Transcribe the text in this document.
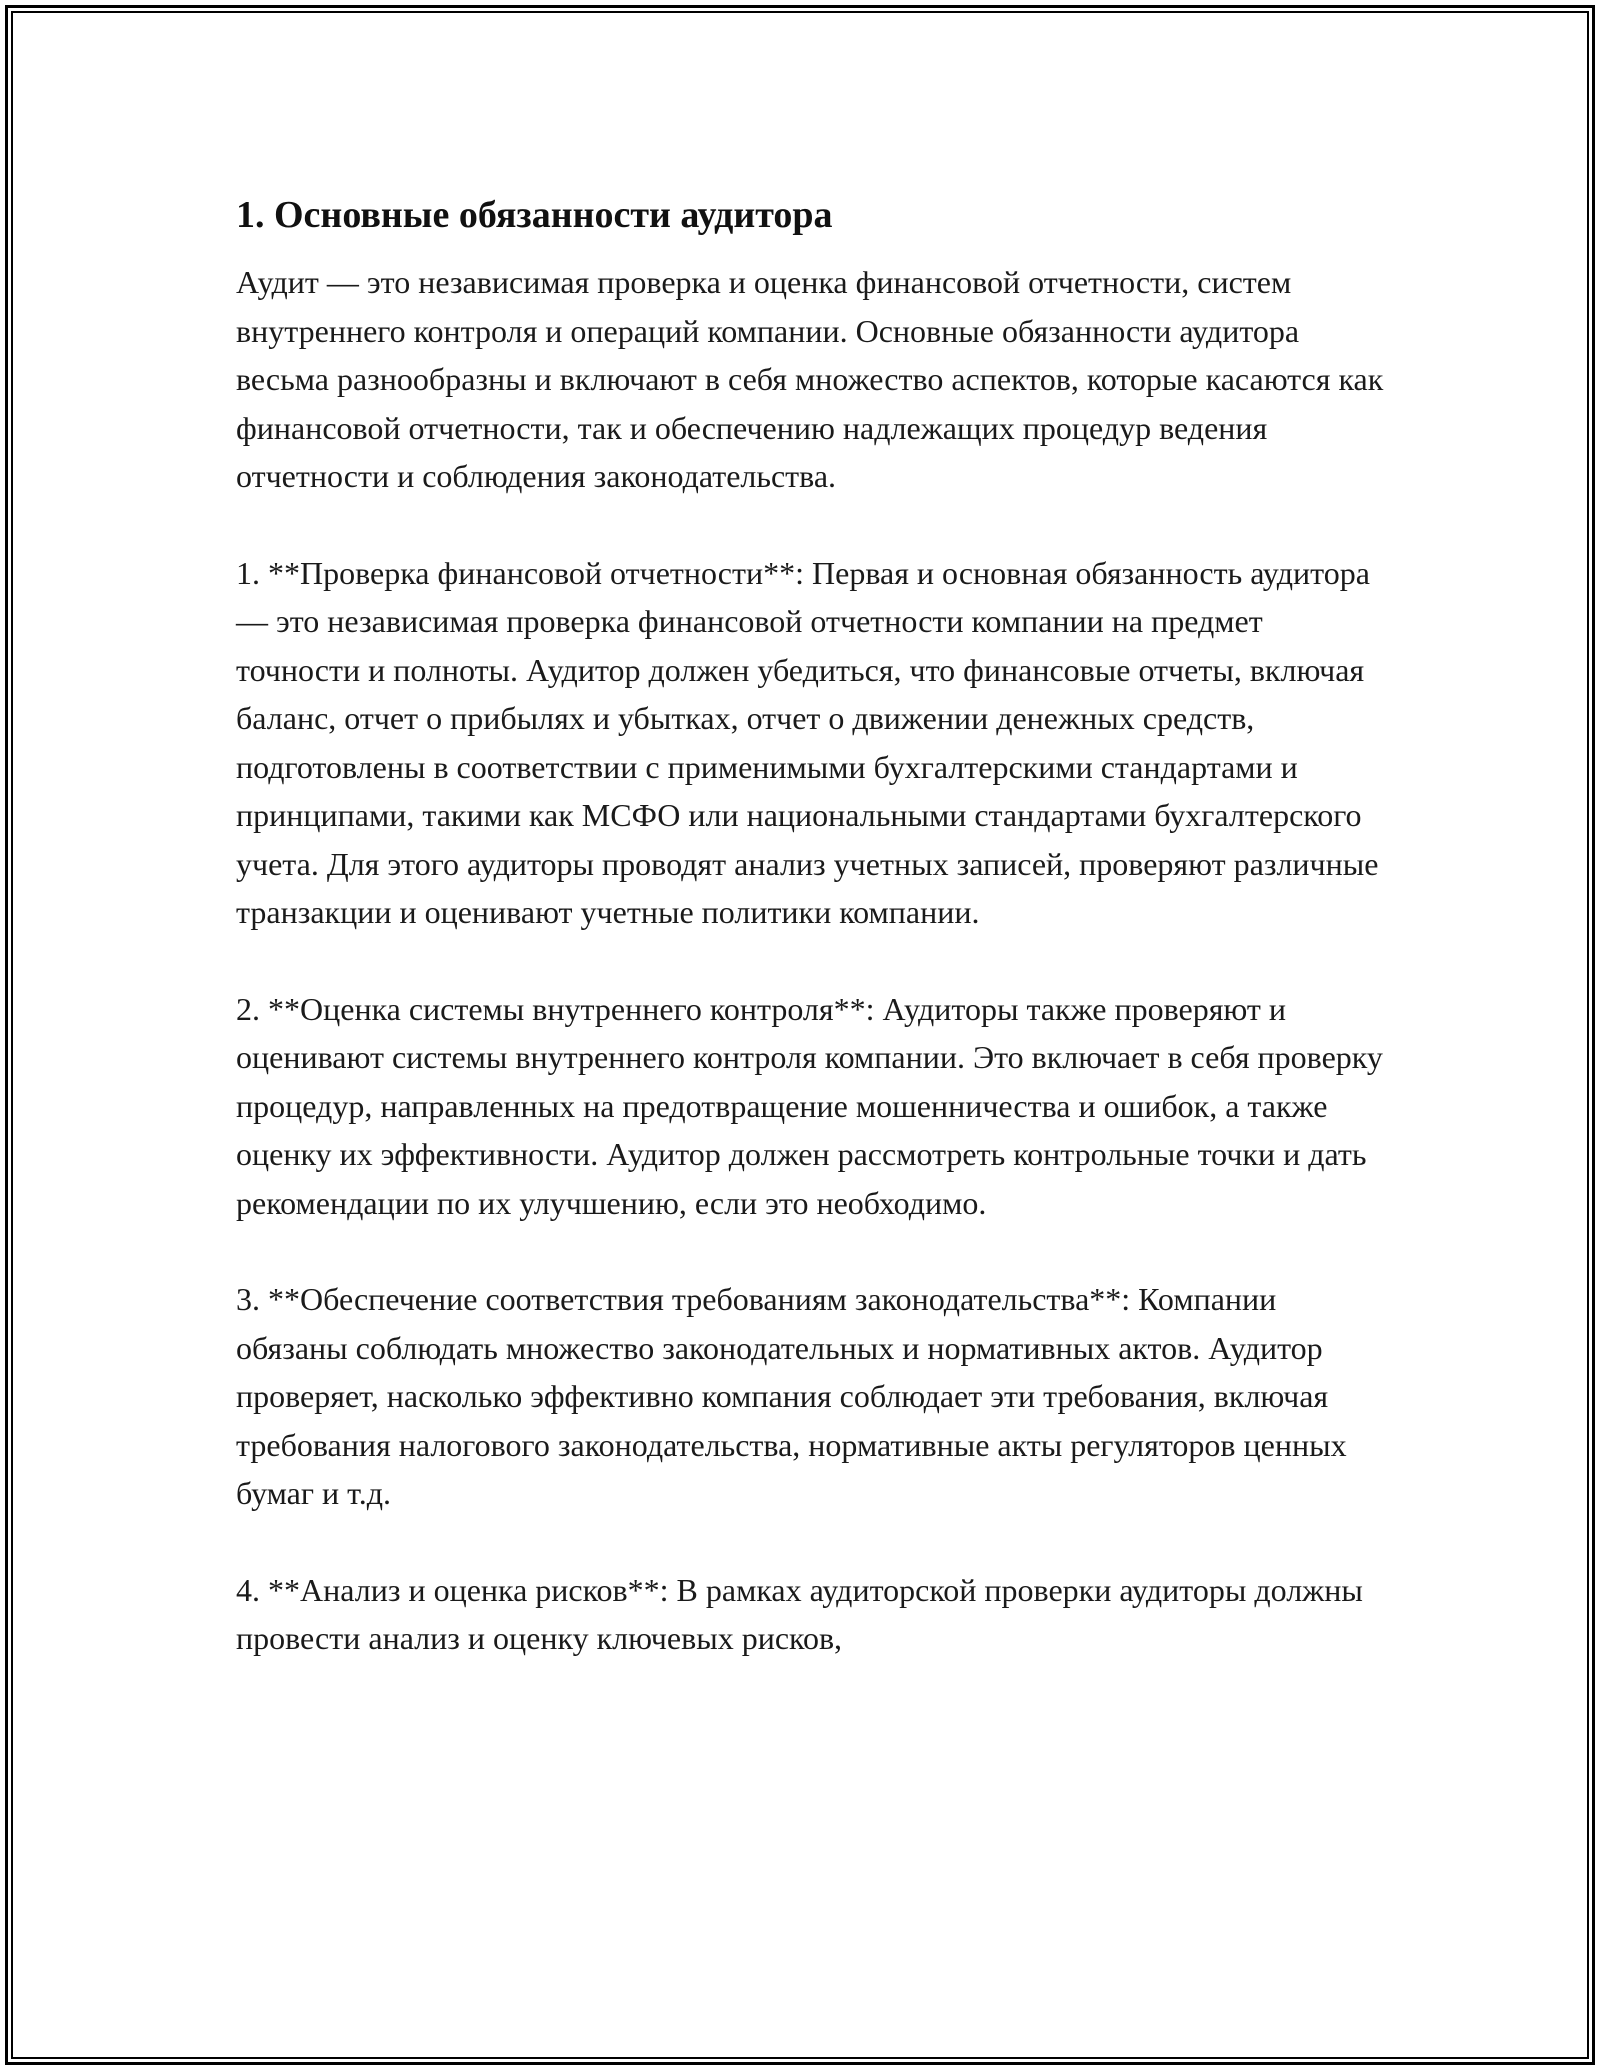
1. Основные обязанности аудитора

Аудит — это независимая проверка и оценка финансовой отчетности, систем внутреннего контроля и операций компании. Основные обязанности аудитора весьма разнообразны и включают в себя множество аспектов, которые касаются как финансовой отчетности, так и обеспечению надлежащих процедур ведения отчетности и соблюдения законодательства.

1. **Проверка финансовой отчетности**: Первая и основная обязанность аудитора — это независимая проверка финансовой отчетности компании на предмет точности и полноты. Аудитор должен убедиться, что финансовые отчеты, включая баланс, отчет о прибылях и убытках, отчет о движении денежных средств, подготовлены в соответствии с применимыми бухгалтерскими стандартами и принципами, такими как МСФО или национальными стандартами бухгалтерского учета. Для этого аудиторы проводят анализ учетных записей, проверяют различные транзакции и оценивают учетные политики компании.

2. **Оценка системы внутреннего контроля**: Аудиторы также проверяют и оценивают системы внутреннего контроля компании. Это включает в себя проверку процедур, направленных на предотвращение мошенничества и ошибок, а также оценку их эффективности. Аудитор должен рассмотреть контрольные точки и дать рекомендации по их улучшению, если это необходимо.

3. **Обеспечение соответствия требованиям законодательства**: Компании обязаны соблюдать множество законодательных и нормативных актов. Аудитор проверяет, насколько эффективно компания соблюдает эти требования, включая требования налогового законодательства, нормативные акты регуляторов ценных бумаг и т.д.

4. **Анализ и оценка рисков**: В рамках аудиторской проверки аудиторы должны провести анализ и оценку ключевых рисков,
